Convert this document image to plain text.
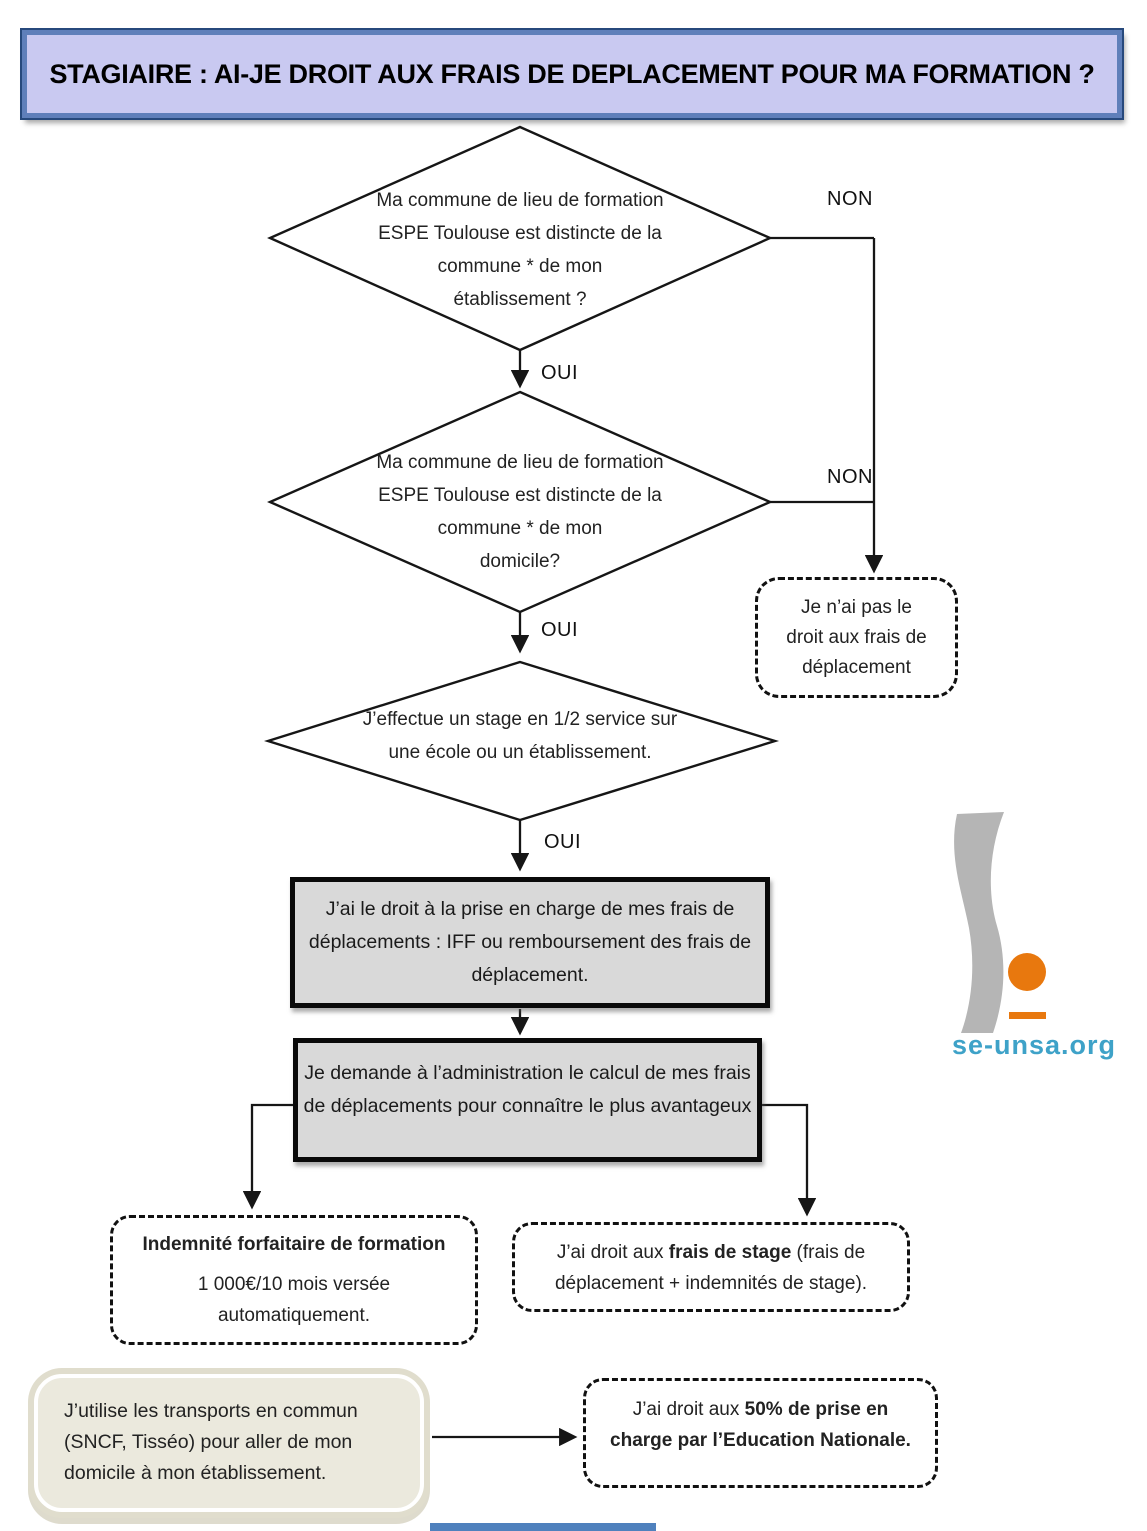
STAGIAIRE : AI-JE DROIT AUX FRAIS DE DEPLACEMENT POUR MA FORMATION ?
Ma commune de lieu de formation
ESPE Toulouse est distincte de la
commune * de mon
établissement ?
Ma commune de lieu de formation
ESPE Toulouse est distincte de la
commune * de mon
domicile?
J’effectue un stage en 1/2 service sur
une école ou un établissement.
OUI
OUI
OUI
NON
NON
Je n’ai pas le
droit aux frais de
déplacement
J’ai le droit à la prise en charge de mes frais de
déplacements : IFF ou remboursement des frais de
déplacement.
Je demande à l’administration le calcul de mes frais
de déplacements pour connaître le plus avantageux
Indemnité forfaitaire de formation
1 000€/10 mois versée
automatiquement.
J’ai droit aux frais de stage (frais de déplacement + indemnités de stage).
J’utilise les transports en commun
(SNCF, Tisséo) pour aller de mon
domicile à mon établissement.
J’ai droit aux 50% de prise en charge par l’Education Nationale.
se-unsa.org
